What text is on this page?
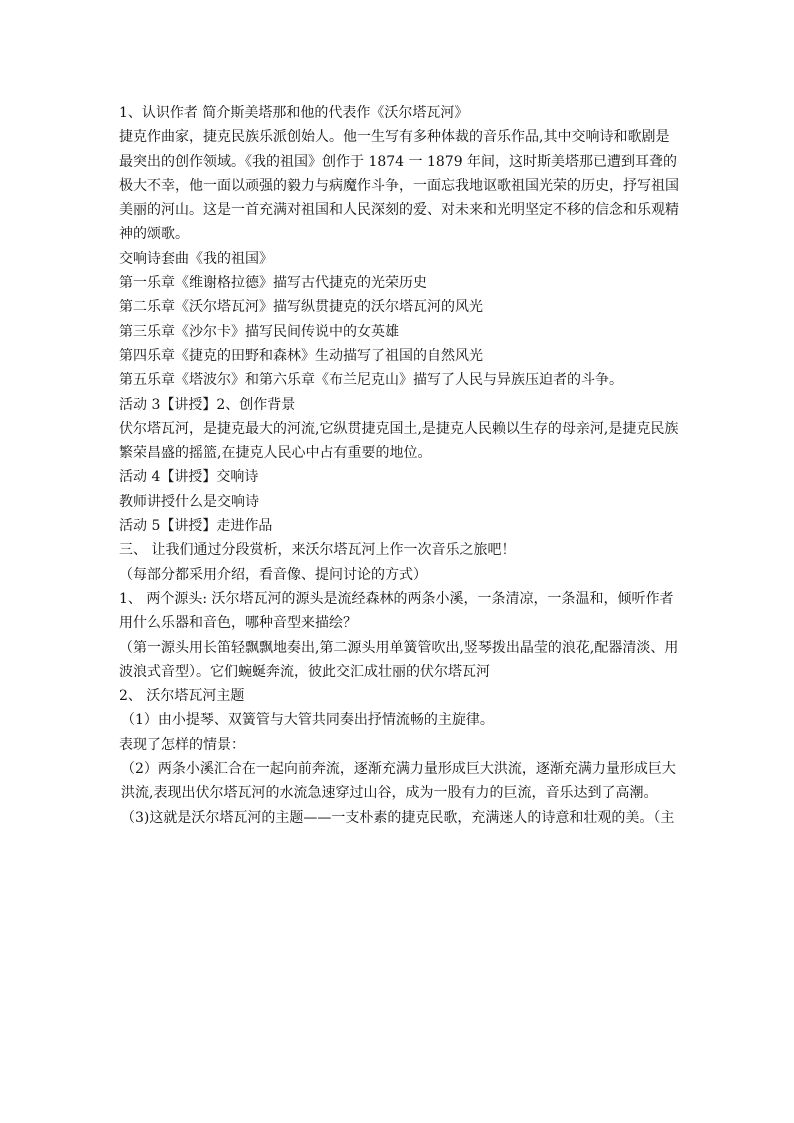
1、认识作者 简介斯美塔那和他的代表作《沃尔塔瓦河》

捷克作曲家，捷克民族乐派创始人。他一生写有多种体裁的音乐作品,其中交响诗和歌剧是最突出的创作领域。《我的祖国》创作于 1874 一 1879 年间，这时斯美塔那已遭到耳聋的极大不幸，他一面以顽强的毅力与病魔作斗争，一面忘我地讴歌祖国光荣的历史，抒写祖国美丽的河山。这是一首充满对祖国和人民深刻的爱、对未来和光明坚定不移的信念和乐观精神的颂歌。

交响诗套曲《我的祖国》

第一乐章《维谢格拉德》描写古代捷克的光荣历史

第二乐章《沃尔塔瓦河》描写纵贯捷克的沃尔塔瓦河的风光

第三乐章《沙尔卡》描写民间传说中的女英雄

第四乐章《捷克的田野和森林》生动描写了祖国的自然风光

第五乐章《塔波尔》和第六乐章《布兰尼克山》描写了人民与异族压迫者的斗争。

活动 3【讲授】2、创作背景

伏尔塔瓦河，是捷克最大的河流,它纵贯捷克国土,是捷克人民赖以生存的母亲河,是捷克民族繁荣昌盛的摇篮,在捷克人民心中占有重要的地位。

活动 4【讲授】交响诗

教师讲授什么是交响诗

活动 5【讲授】走进作品

三、 让我们通过分段赏析，来沃尔塔瓦河上作一次音乐之旅吧！

（每部分都采用介绍，看音像、提问讨论的方式）

1、 两个源头: 沃尔塔瓦河的源头是流经森林的两条小溪，一条清凉，一条温和，倾听作者用什么乐器和音色，哪种音型来描绘？

（第一源头用长笛轻飘飘地奏出,第二源头用单簧管吹出,竖琴拨出晶莹的浪花,配器清淡、用波浪式音型）。它们蜿蜒奔流，彼此交汇成壮丽的伏尔塔瓦河

2、 沃尔塔瓦河主题

（1）由小提琴、双簧管与大管共同奏出抒情流畅的主旋律。

表现了怎样的情景：

（2）两条小溪汇合在一起向前奔流，逐渐充满力量形成巨大洪流，逐渐充满力量形成巨大洪流,表现出伏尔塔瓦河的水流急速穿过山谷，成为一股有力的巨流，音乐达到了高潮。

（3)这就是沃尔塔瓦河的主题——一支朴素的捷克民歌，充满迷人的诗意和壮观的美。（主
